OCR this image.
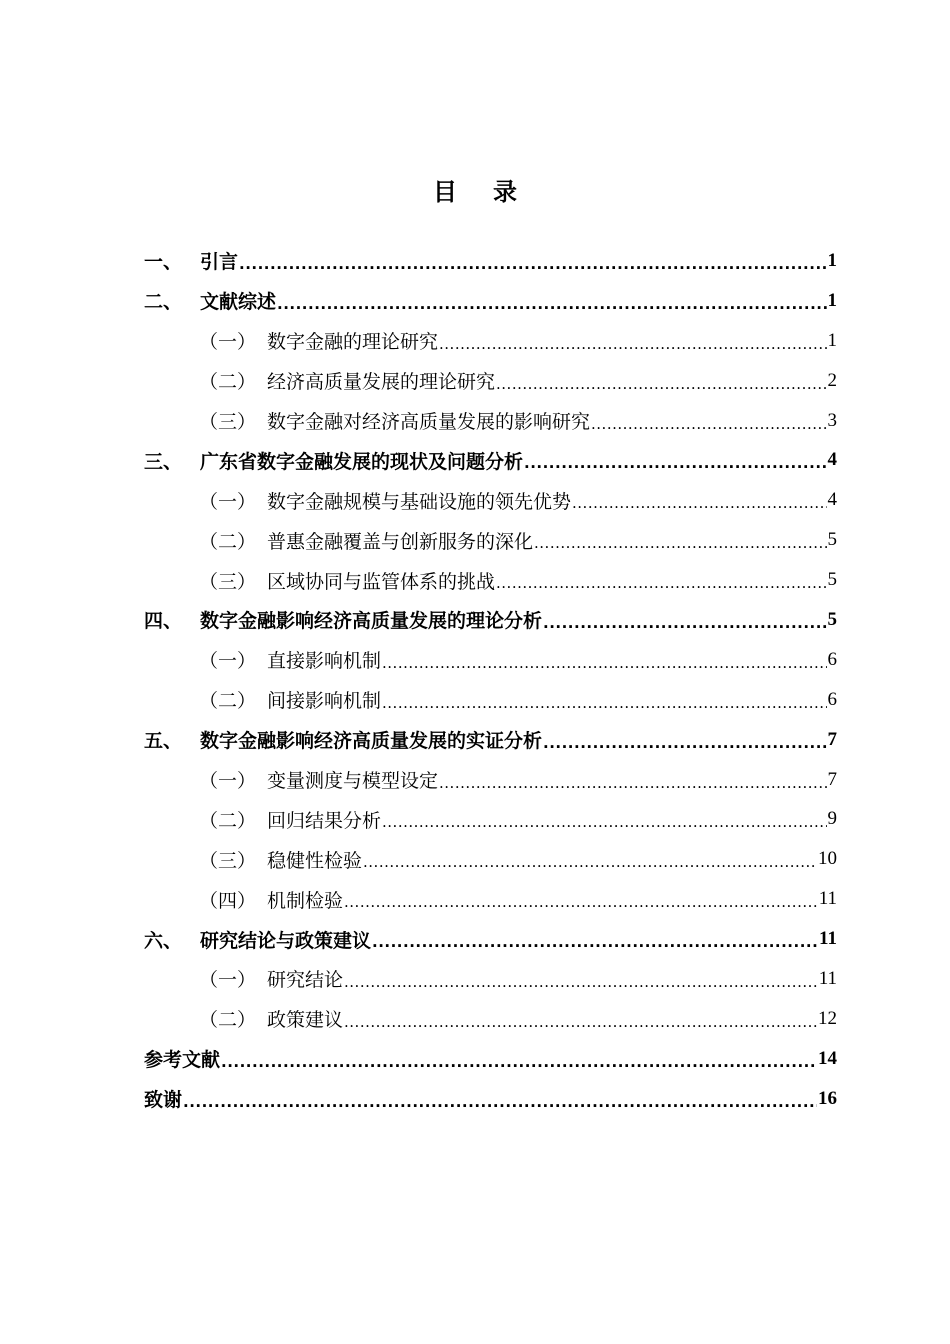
目录
一、 引言 .....	1
二、 文献综述 .....	1
（一） 数字金融的理论研究 .....	1
（二） 经济高质量发展的理论研究 .....	2
（三） 数字金融对经济高质量发展的影响研究 .....	3
三、 广东省数字金融发展的现状及问题分析 .....	4
（一） 数字金融规模与基础设施的领先优势 .....	4
（二） 普惠金融覆盖与创新服务的深化 .....	5
（三） 区域协同与监管体系的挑战 .....	5
四、 数字金融影响经济高质量发展的理论分析 .....	5
（一） 直接影响机制 .....	6
（二） 间接影响机制 .....	6
五、 数字金融影响经济高质量发展的实证分析 .....	7
（一） 变量测度与模型设定 .....	7
（二） 回归结果分析 .....	9
（三） 稳健性检验 .....	10
（四） 机制检验 .....	11
六、 研究结论与政策建议 .....	11
（一） 研究结论 .....	11
（二） 政策建议 .....	12
参考文献 .....	14
致谢 .....	16
